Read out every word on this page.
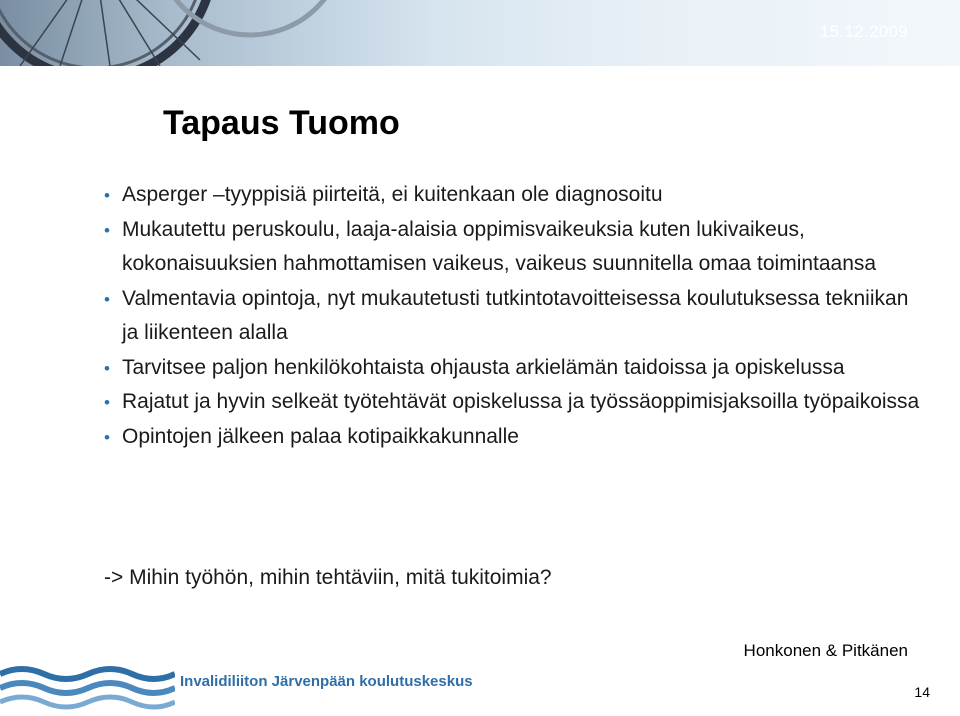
15.12.2009
Tapaus Tuomo
• Asperger –tyyppisiä piirteitä, ei kuitenkaan ole diagnosoitu
• Mukautettu peruskoulu, laaja-alaisia oppimisvaikeuksia kuten lukivaikeus, kokonaisuuksien hahmottamisen vaikeus, vaikeus suunnitella omaa toimintaansa
• Valmentavia opintoja, nyt mukautetusti tutkintotavoitteisessa koulutuksessa tekniikan ja liikenteen alalla
• Tarvitsee paljon henkilökohtaista ohjausta arkielämän taidoissa ja opiskelussa
• Rajatut ja hyvin selkeät työtehtävät opiskelussa ja työssäoppimisjaksoilla työpaikoissa
• Opintojen jälkeen palaa kotipaikkakunnalle
-> Mihin työhön, mihin tehtäviin, mitä tukitoimia?
Honkonen & Pitkänen
Invalidiliiton Järvenpään koulutuskeskus
14
